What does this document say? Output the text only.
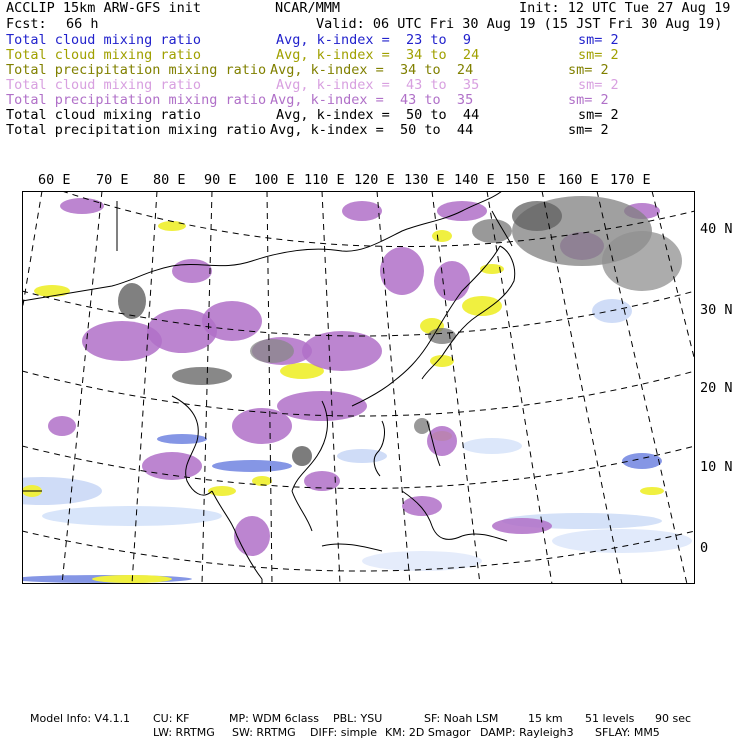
ACCLIP 15km ARW-GFS init	NCAR/MMM	Init: 12 UTC Tue 27 Aug 19
Fcst: 66 h	Valid: 06 UTC Fri 30 Aug 19 (15 JST Fri 30 Aug 19)
Total cloud mixing ratio	Avg, k-index =  23 to  9	sm= 2
Total cloud mixing ratio	Avg, k-index =  34 to  24	sm= 2
Total precipitation mixing ratio Avg, k-index =  34 to  24	sm= 2
Total cloud mixing ratio	Avg, k-index =  43 to  35	sm= 2
Total precipitation mixing ratio Avg, k-index =  43 to  35	sm= 2
Total cloud mixing ratio	Avg, k-index =  50 to  44	sm= 2
Total precipitation mixing ratio Avg, k-index =  50 to  44	sm= 2
60 E 70 E 80 E 90 E 100 E 110 E 120 E 130 E 140 E 150 E 160 E 170 E
40 N
30 N
20 N
10 N
0
Model Info: V4.1.1 CU: KF	MP: WDM 6class PBL: YSU	SF: Noah LSM	15 km 51 levels 90 sec
LW: RRTMG SW: RRTMG DIFF: simple KM: 2D Smagor DAMP: Rayleigh3 SFLAY: MM5
